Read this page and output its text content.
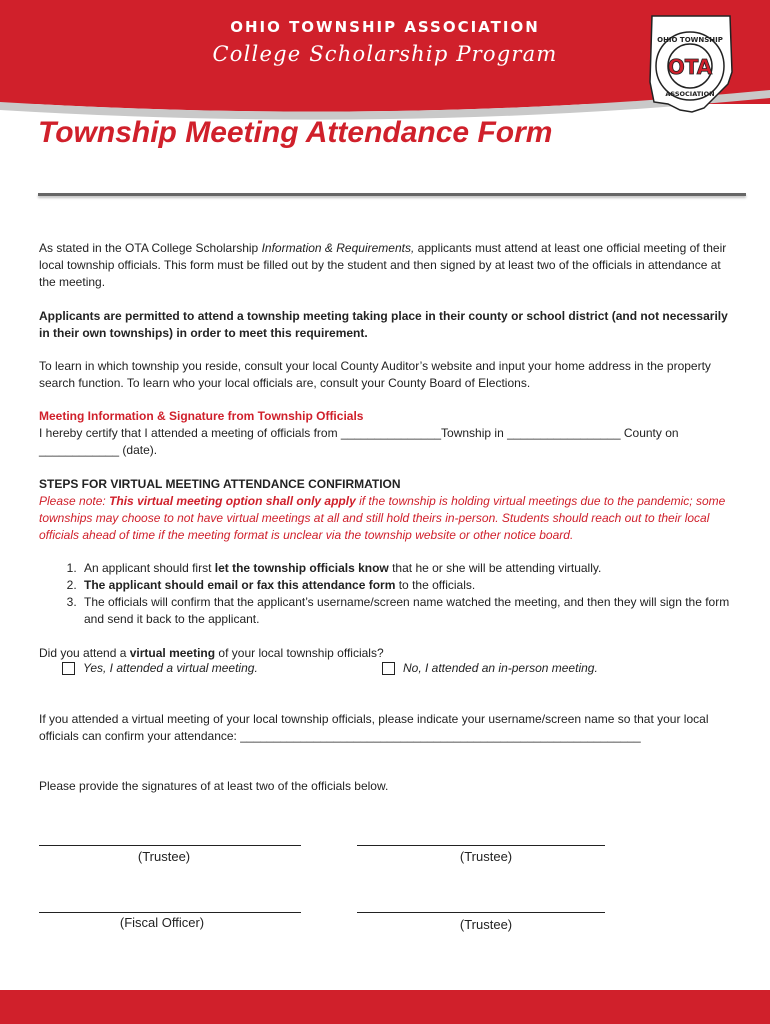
OHIO TOWNSHIP ASSOCIATION
College Scholarship Program
OTA
OHIO TOWNSHIP
ASSOCIATION
Township Meeting Attendance Form

As stated in the OTA College Scholarship Information & Requirements, applicants must attend at least one official meeting of their local township officials. This form must be filled out by the student and then signed by at least two of the officials in attendance at the meeting.

Applicants are permitted to attend a township meeting taking place in their county or school district (and not necessarily in their own townships) in order to meet this requirement.

To learn in which township you reside, consult your local County Auditor’s website and input your home address in the property search function. To learn who your local officials are, consult your County Board of Elections.

Meeting Information & Signature from Township Officials

I hereby certify that I attended a meeting of officials from _______________Township in _________________ County on ____________ (date).

STEPS FOR VIRTUAL MEETING ATTENDANCE CONFIRMATION

Please note: This virtual meeting option shall only apply if the township is holding virtual meetings due to the pandemic; some townships may choose to not have virtual meetings at all and still hold theirs in-person. Students should reach out to their local officials ahead of time if the meeting format is unclear via the township website or other notice board.

1. An applicant should first let the township officials know that he or she will be attending virtually.
2. The applicant should email or fax this attendance form to the officials.
3. The officials will confirm that the applicant’s username/screen name watched the meeting, and then they will sign the form and send it back to the applicant.

Did you attend a virtual meeting of your local township officials?

Yes, I attended a virtual meeting.	No, I attended an in-person meeting.

If you attended a virtual meeting of your local township officials, please indicate your username/screen name so that your local officials can confirm your attendance: ____________________________________________________________

Please provide the signatures of at least two of the officials below.

(Trustee)	(Trustee)
(Fiscal Officer)	(Trustee)
